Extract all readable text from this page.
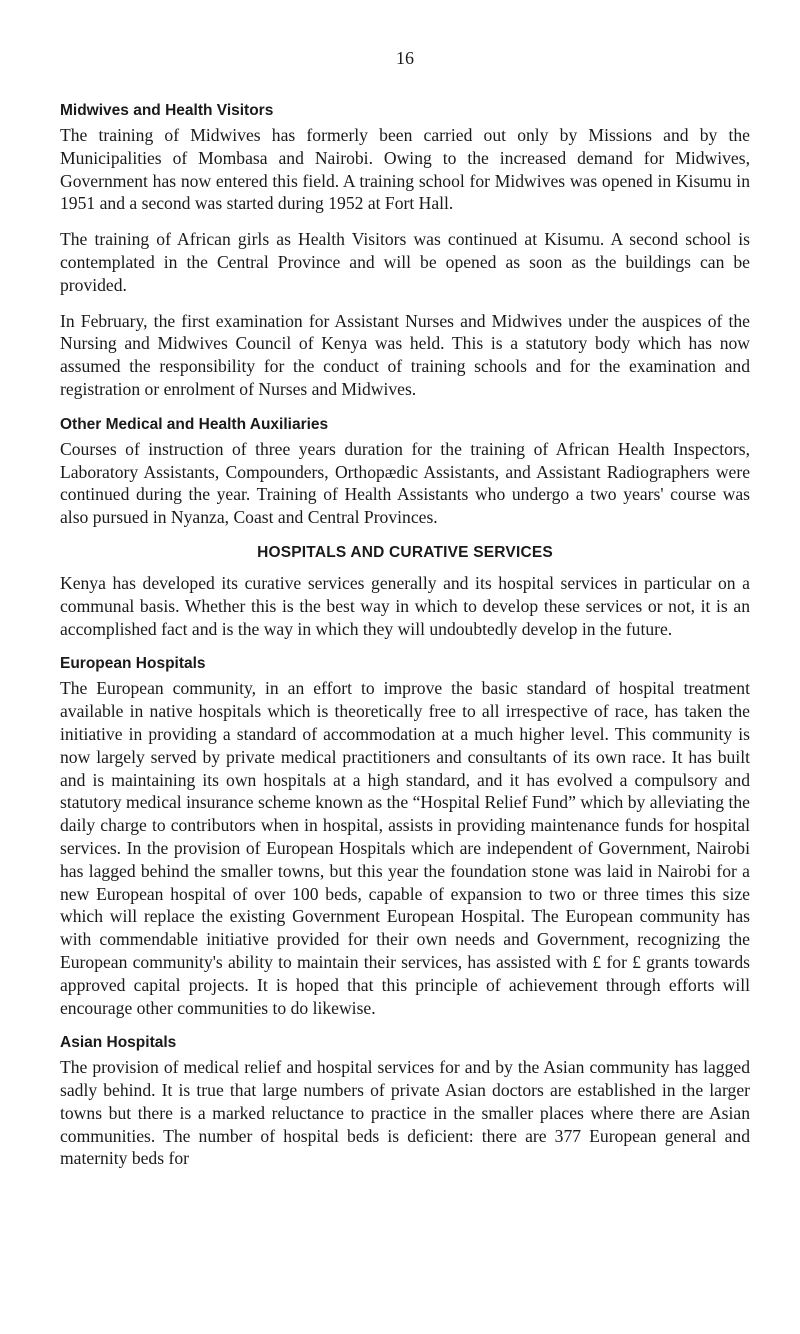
16
Midwives and Health Visitors

The training of Midwives has formerly been carried out only by Missions and by the Municipalities of Mombasa and Nairobi. Owing to the increased demand for Midwives, Government has now entered this field. A training school for Midwives was opened in Kisumu in 1951 and a second was started during 1952 at Fort Hall.

The training of African girls as Health Visitors was continued at Kisumu. A second school is contemplated in the Central Province and will be opened as soon as the buildings can be provided.

In February, the first examination for Assistant Nurses and Midwives under the auspices of the Nursing and Midwives Council of Kenya was held. This is a statutory body which has now assumed the responsibility for the conduct of training schools and for the examination and registration or enrolment of Nurses and Midwives.

Other Medical and Health Auxiliaries

Courses of instruction of three years duration for the training of African Health Inspectors, Laboratory Assistants, Compounders, Orthopædic Assistants, and Assistant Radiographers were continued during the year. Training of Health Assistants who undergo a two years' course was also pursued in Nyanza, Coast and Central Provinces.

HOSPITALS AND CURATIVE SERVICES

Kenya has developed its curative services generally and its hospital services in particular on a communal basis. Whether this is the best way in which to develop these services or not, it is an accomplished fact and is the way in which they will undoubtedly develop in the future.

European Hospitals

The European community, in an effort to improve the basic standard of hospital treatment available in native hospitals which is theoretically free to all irrespective of race, has taken the initiative in providing a standard of accommodation at a much higher level. This community is now largely served by private medical practitioners and consultants of its own race. It has built and is maintaining its own hospitals at a high standard, and it has evolved a compulsory and statutory medical insurance scheme known as the “Hospital Relief Fund” which by alleviating the daily charge to contributors when in hospital, assists in providing maintenance funds for hospital services. In the provision of European Hospitals which are independent of Government, Nairobi has lagged behind the smaller towns, but this year the foundation stone was laid in Nairobi for a new European hospital of over 100 beds, capable of expansion to two or three times this size which will replace the existing Government European Hospital. The European community has with commendable initiative provided for their own needs and Government, recognizing the European community's ability to maintain their services, has assisted with £ for £ grants towards approved capital projects. It is hoped that this principle of achievement through efforts will encourage other communities to do likewise.

Asian Hospitals

The provision of medical relief and hospital services for and by the Asian community has lagged sadly behind. It is true that large numbers of private Asian doctors are established in the larger towns but there is a marked reluctance to practice in the smaller places where there are Asian communities. The number of hospital beds is deficient: there are 377 European general and maternity beds for
